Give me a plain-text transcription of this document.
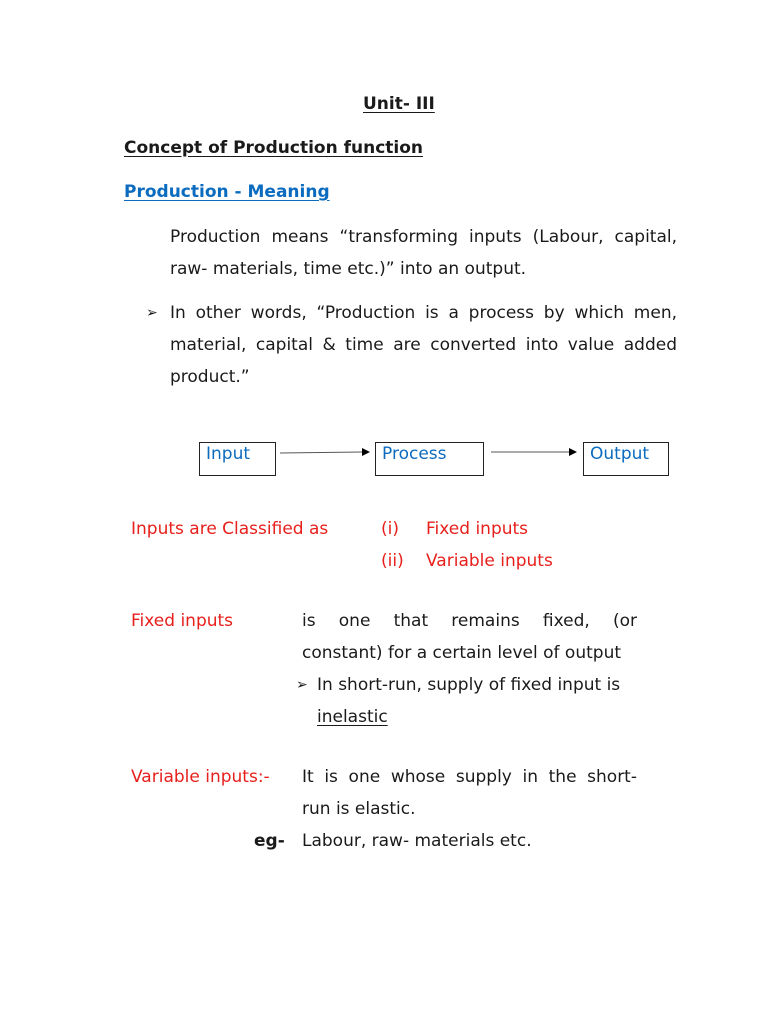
Unit- III
Concept of Production function
Production - Meaning
Production means “transforming inputs (Labour, capital,
raw- materials, time etc.)” into an output.
➢ In other words, “Production is a process by which men,
material, capital & time are converted into value added
product.”
Input	Process	Output
Inputs are Classified as	(i) Fixed inputs
(ii) Variable inputs
Fixed inputs	is one that remains fixed, (or
constant) for a certain level of output
➢ In short-run, supply of fixed input is
inelastic
Variable inputs:- It is one whose supply in the short-
run is elastic.
eg- Labour, raw- materials etc.
